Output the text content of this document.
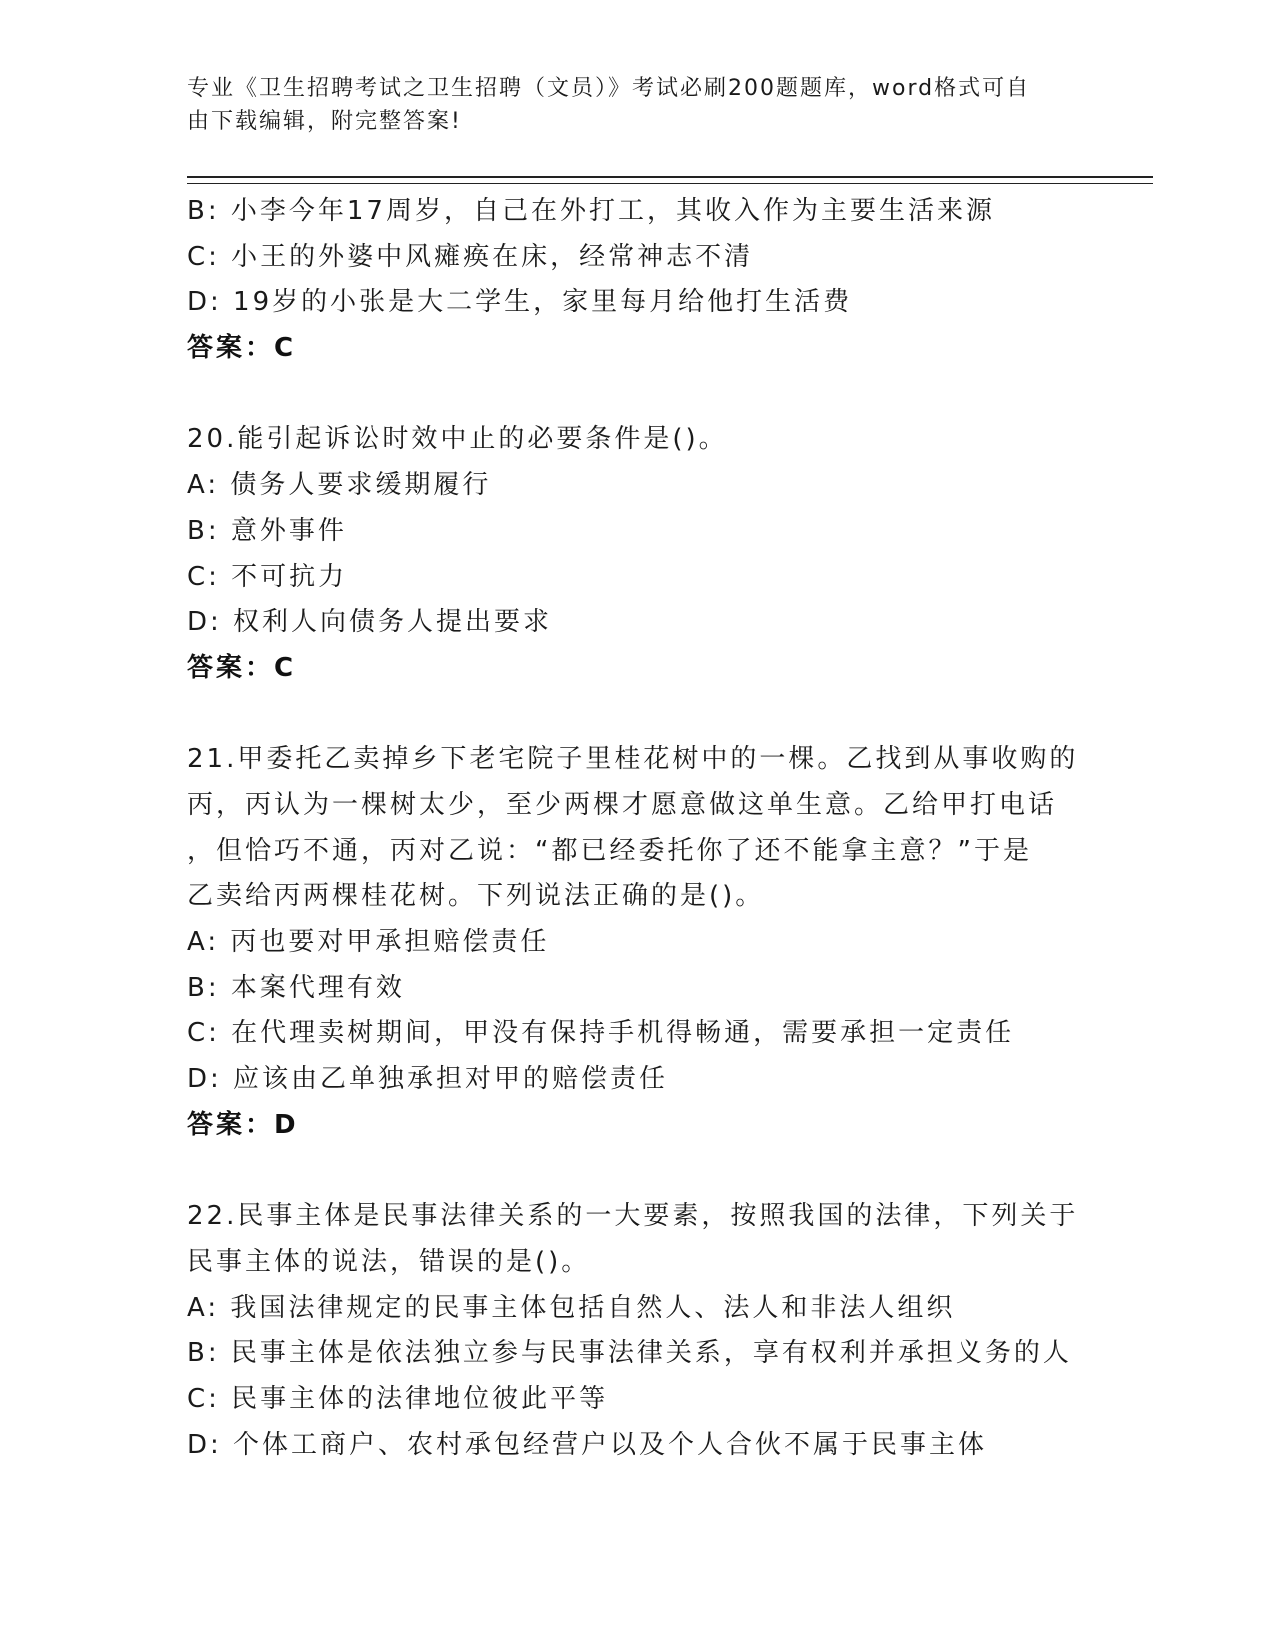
专业《卫生招聘考试之卫生招聘（文员）》考试必刷200题题库，word格式可自
由下载编辑，附完整答案!
B: 小李今年17周岁，自己在外打工，其收入作为主要生活来源
C: 小王的外婆中风瘫痪在床，经常神志不清
D: 19岁的小张是大二学生，家里每月给他打生活费
答案：C
20.能引起诉讼时效中止的必要条件是()。
A: 债务人要求缓期履行
B: 意外事件
C: 不可抗力
D: 权利人向债务人提出要求
答案：C
21.甲委托乙卖掉乡下老宅院子里桂花树中的一棵。乙找到从事收购的
丙，丙认为一棵树太少，至少两棵才愿意做这单生意。乙给甲打电话
，但恰巧不通，丙对乙说：“都已经委托你了还不能拿主意？”于是
乙卖给丙两棵桂花树。下列说法正确的是()。
A: 丙也要对甲承担赔偿责任
B: 本案代理有效
C: 在代理卖树期间，甲没有保持手机得畅通，需要承担一定责任
D: 应该由乙单独承担对甲的赔偿责任
答案：D
22.民事主体是民事法律关系的一大要素，按照我国的法律，下列关于
民事主体的说法，错误的是()。
A: 我国法律规定的民事主体包括自然人、法人和非法人组织
B: 民事主体是依法独立参与民事法律关系，享有权利并承担义务的人
C: 民事主体的法律地位彼此平等
D: 个体工商户、农村承包经营户以及个人合伙不属于民事主体
